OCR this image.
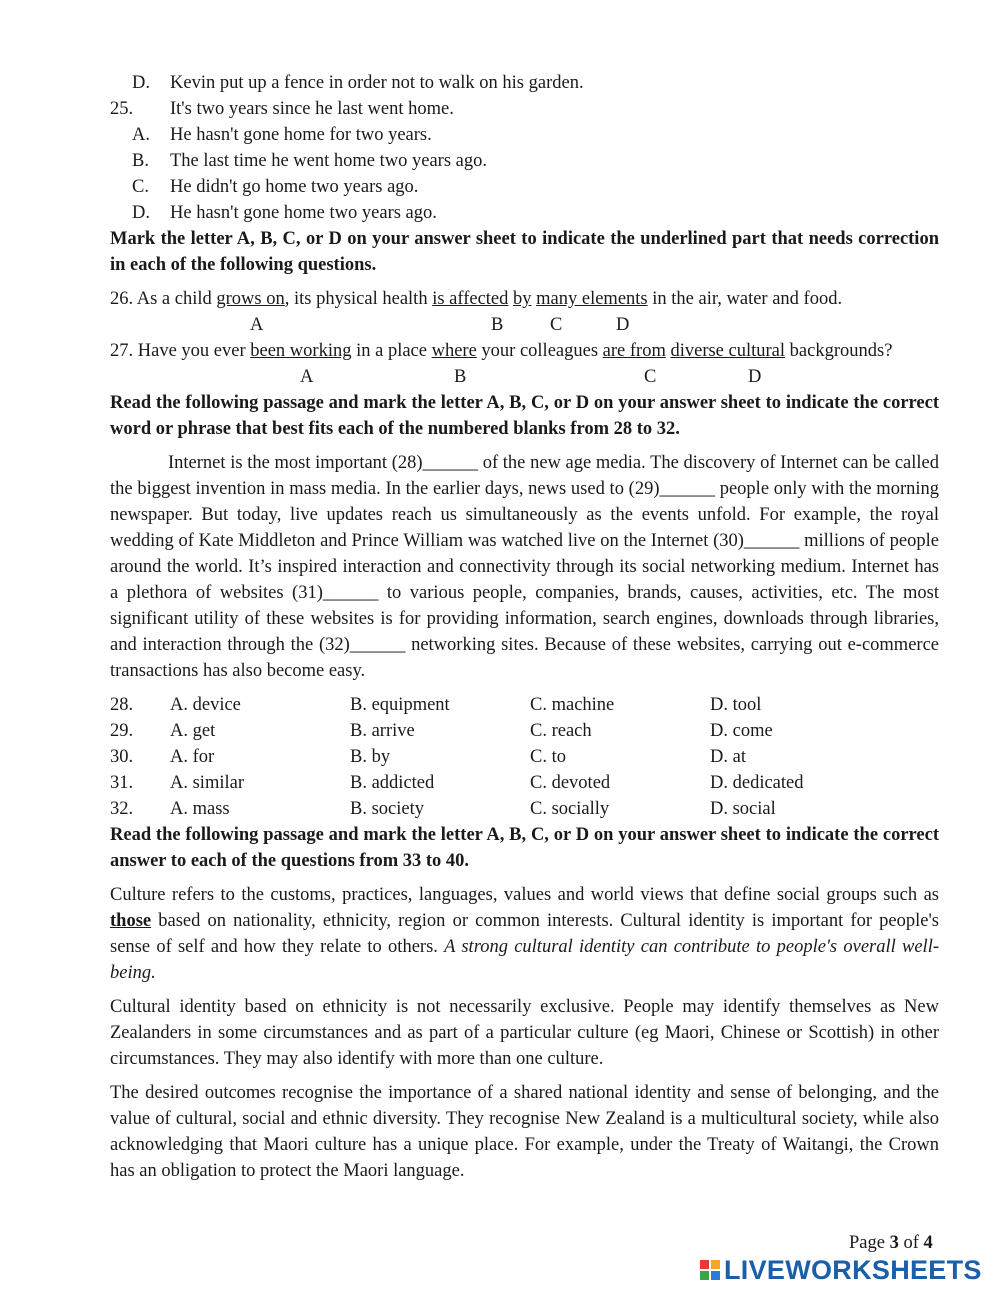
D. Kevin put up a fence in order not to walk on his garden.
25. It's two years since he last went home.
A. He hasn't gone home for two years.
B. The last time he went home two years ago.
C. He didn't go home two years ago.
D. He hasn't gone home two years ago.
Mark the letter A, B, C, or D on your answer sheet to indicate the underlined part that needs correction in each of the following questions.
26. As a child grows on, its physical health is affected by many elements in the air, water and food.
A	B	C	D
27. Have you ever been working in a place where your colleagues are from diverse cultural backgrounds?
A	B	C	D
Read the following passage and mark the letter A, B, C, or D on your answer sheet to indicate the correct word or phrase that best fits each of the numbered blanks from 28 to 32.

Internet is the most important (28)______ of the new age media. The discovery of Internet can be called the biggest invention in mass media. In the earlier days, news used to (29)______ people only with the morning newspaper. But today, live updates reach us simultaneously as the events unfold. For example, the royal wedding of Kate Middleton and Prince William was watched live on the Internet (30)______ millions of people around the world. It’s inspired interaction and connectivity through its social networking medium. Internet has a plethora of websites (31)______ to various people, companies, brands, causes, activities, etc. The most significant utility of these websites is for providing information, search engines, downloads through libraries, and interaction through the (32)______ networking sites. Because of these websites, carrying out e-commerce transactions has also become easy.

28. A. device	B. equipment	C. machine	D. tool
29. A. get	B. arrive	C. reach	D. come
30. A. for	B. by	C. to	D. at
31. A. similar	B. addicted	C. devoted	D. dedicated
32. A. mass	B. society	C. socially	D. social
Read the following passage and mark the letter A, B, C, or D on your answer sheet to indicate the correct answer to each of the questions from 33 to 40.

Culture refers to the customs, practices, languages, values and world views that define social groups such as those based on nationality, ethnicity, region or common interests. Cultural identity is important for people's sense of self and how they relate to others. A strong cultural identity can contribute to people's overall well-being.

Cultural identity based on ethnicity is not necessarily exclusive. People may identify themselves as New Zealanders in some circumstances and as part of a particular culture (eg Maori, Chinese or Scottish) in other circumstances. They may also identify with more than one culture.

The desired outcomes recognise the importance of a shared national identity and sense of belonging, and the value of cultural, social and ethnic diversity. They recognise New Zealand is a multicultural society, while also acknowledging that Maori culture has a unique place. For example, under the Treaty of Waitangi, the Crown has an obligation to protect the Maori language.

Page 3 of 4
LIVEWORKSHEETS
